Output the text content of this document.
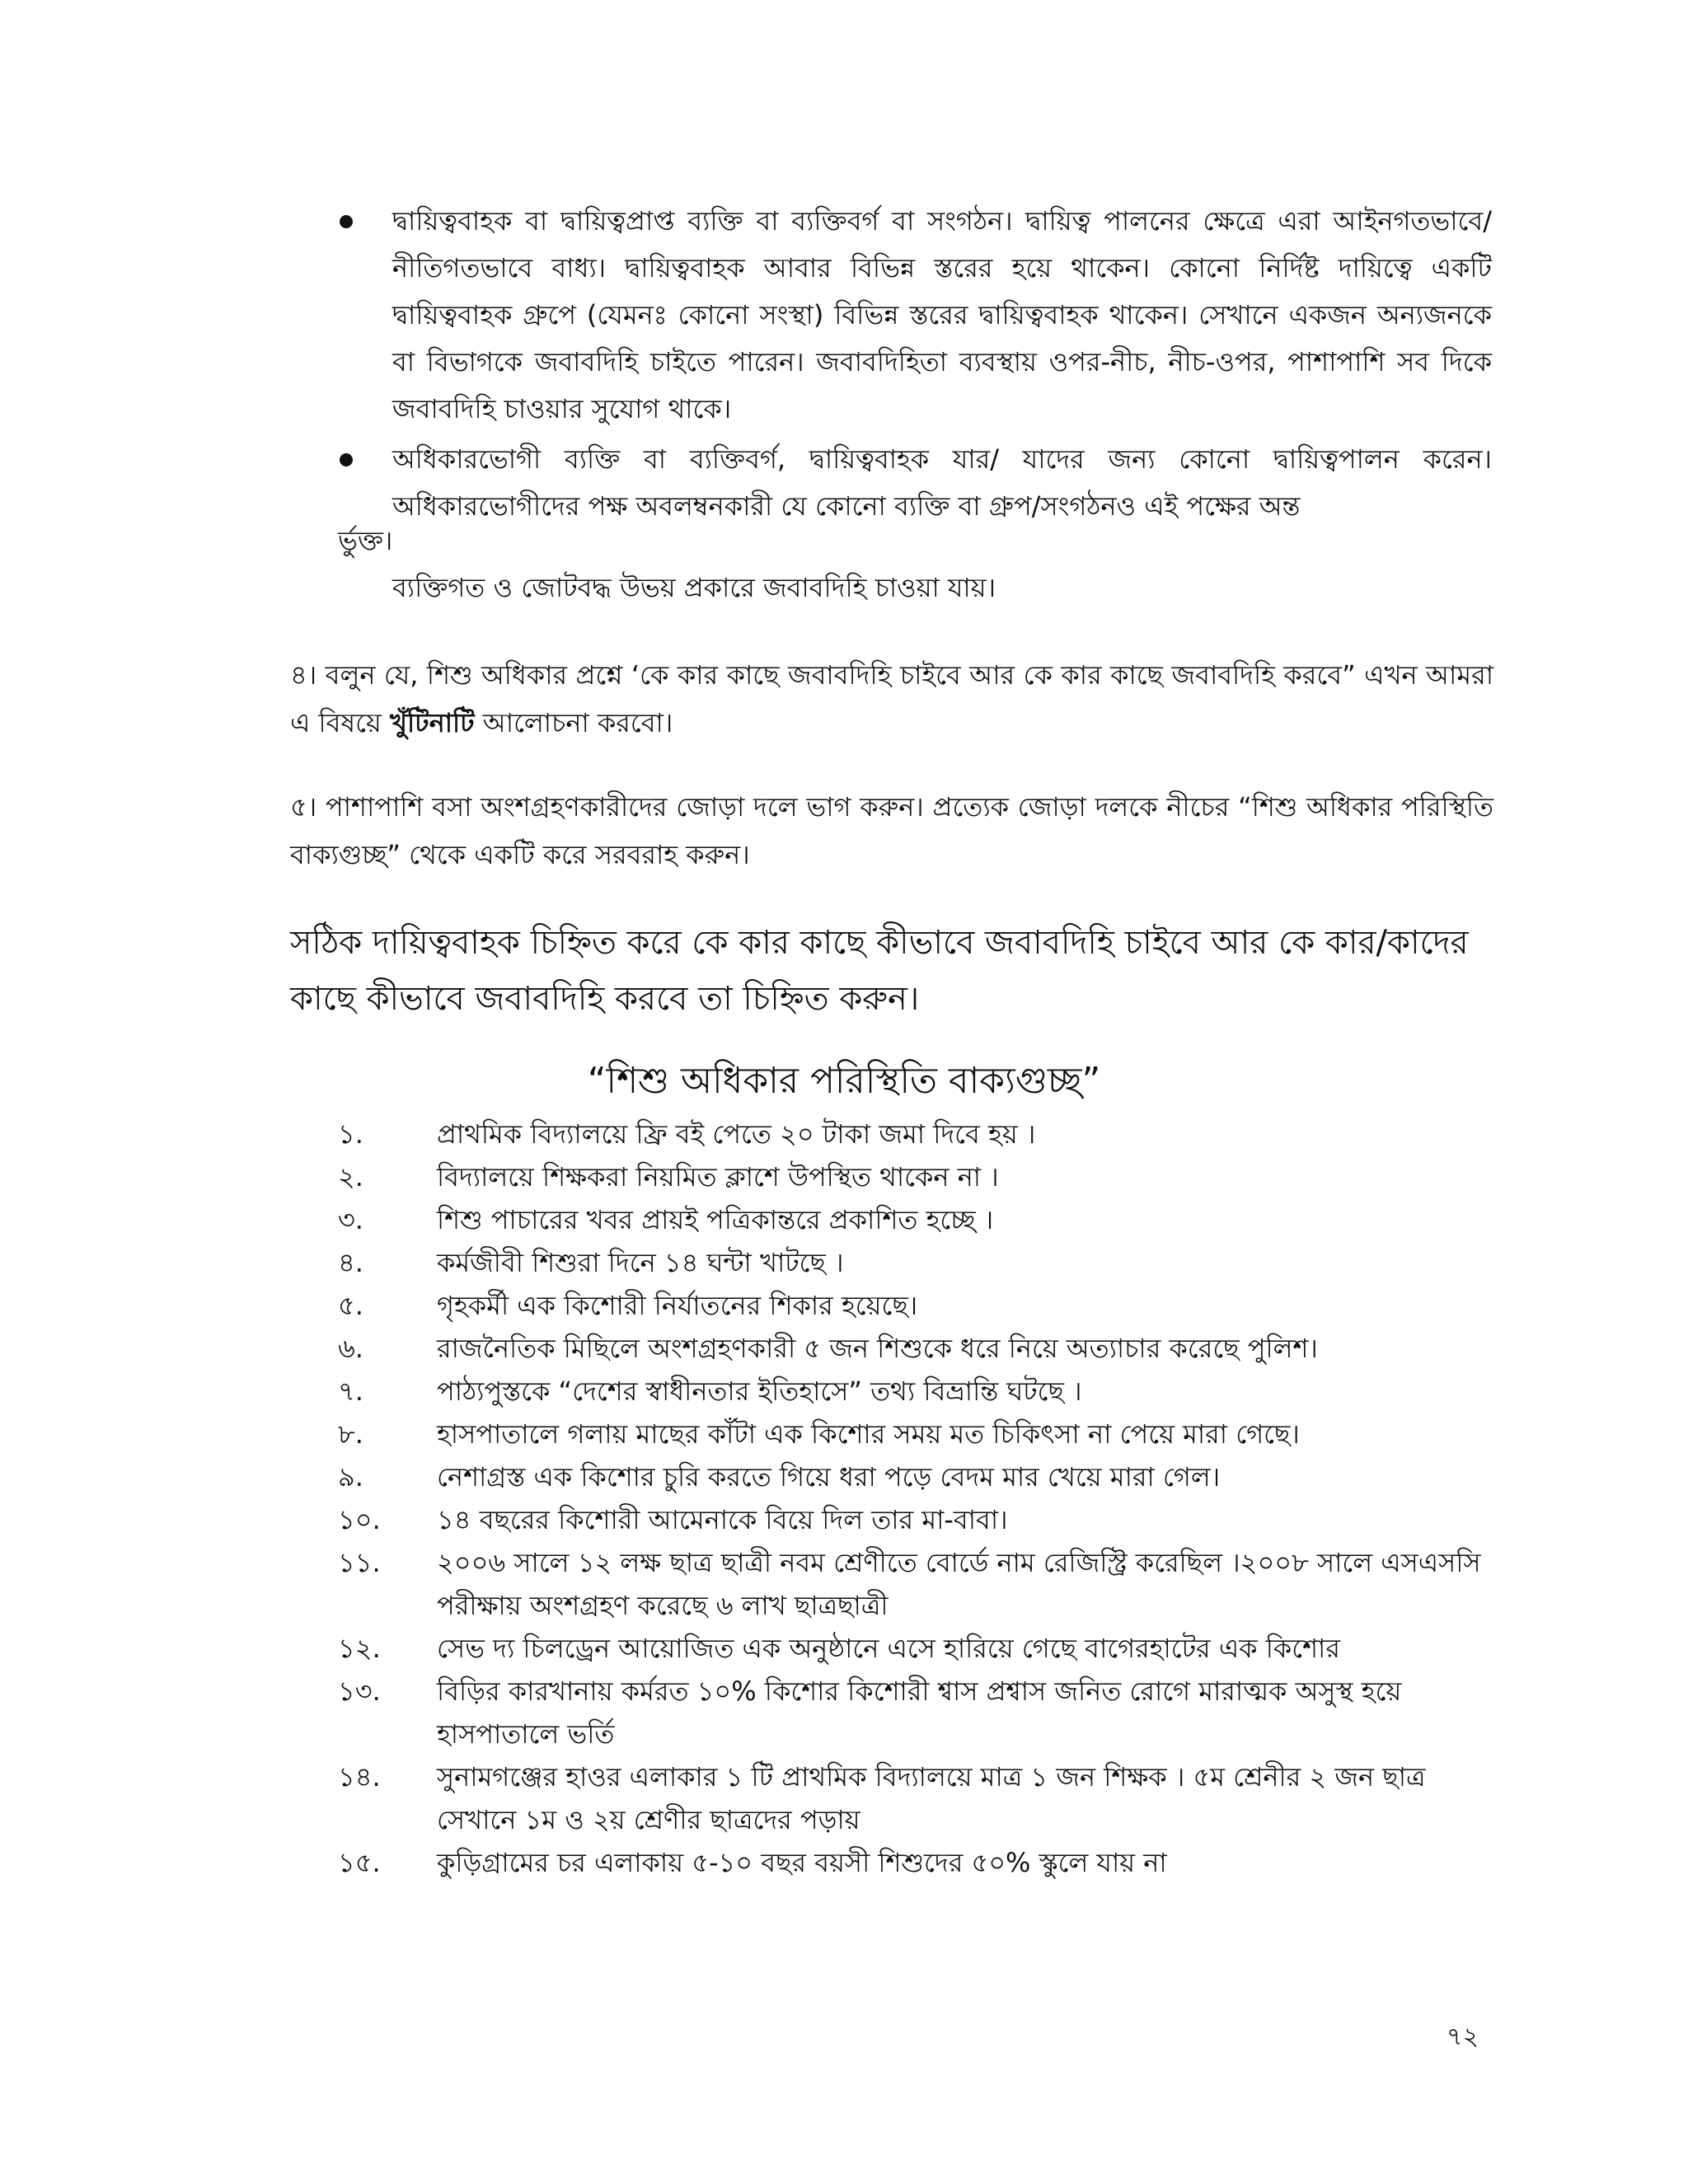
দ্বায়িত্ববাহক বা দ্বায়িত্বপ্রাপ্ত ব্যক্তি বা ব্যক্তিবর্গ বা সংগঠন। দ্বায়িত্ব পালনের ক্ষেত্রে এরা আইনগতভাবে/নীতিগতভাবে বাধ্য। দ্বায়িত্ববাহক আবার বিভিন্ন স্তরের হয়ে থাকেন। কোনো নির্দিষ্ট দায়িত্বে একটি দ্বায়িত্ববাহক গ্রুপে (যেমনঃ কোনো সংস্থা) বিভিন্ন স্তরের দ্বায়িত্ববাহক থাকেন। সেখানে একজন অন্যজনকে বা বিভাগকে জবাবদিহি চাইতে পারেন। জবাবদিহিতা ব্যবস্থায় ওপর-নীচ, নীচ-ওপর, পাশাপাশি সব দিকে জবাবদিহি চাওয়ার সুযোগ থাকে।
অধিকারভোগী ব্যক্তি বা ব্যক্তিবর্গ, দ্বায়িত্ববাহক যার/ যাদের জন্য কোনো দ্বায়িত্বপালন করেন। অধিকারভোগীদের পক্ষ অবলম্বনকারী যে কোনো ব্যক্তি বা গ্রুপ/সংগঠনও এই পক্ষের অন্ত
র্ভুক্ত।
ব্যক্তিগত ও জোটবদ্ধ উভয় প্রকারে জবাবদিহি চাওয়া যায়।
৪। বলুন যে, শিশু অধিকার প্রশ্নে ‘কে কার কাছে জবাবদিহি চাইবে আর কে কার কাছে জবাবদিহি করবে” এখন আমরা এ বিষয়ে খুঁটিনাটি আলোচনা করবো।
৫। পাশাপাশি বসা অংশগ্রহণকারীদের জোড়া দলে ভাগ করুন। প্রত্যেক জোড়া দলকে নীচের “শিশু অধিকার পরিস্থিতি বাক্যগুচ্ছ” থেকে একটি করে সরবরাহ করুন।
সঠিক দায়িত্ববাহক চিহ্নিত করে কে কার কাছে কীভাবে জবাবদিহি চাইবে আর কে কার/কাদের কাছে কীভাবে জবাবদিহি করবে তা চিহ্নিত করুন।
“শিশু অধিকার পরিস্থিতি বাক্যগুচ্ছ”
১.	প্রাথমিক বিদ্যালয়ে ফ্রি বই পেতে ২০ টাকা জমা দিবে হয় ।
২.	বিদ্যালয়ে শিক্ষকরা নিয়মিত ক্লাশে উপস্থিত থাকেন না ।
৩.	শিশু পাচারের খবর প্রায়ই পত্রিকান্তরে প্রকাশিত হচ্ছে ।
৪.	কর্মজীবী শিশুরা দিনে ১৪ ঘন্টা খাটছে ।
৫.	গৃহকর্মী এক কিশোরী নির্যাতনের শিকার হয়েছে।
৬.	রাজনৈতিক মিছিলে অংশগ্রহণকারী ৫ জন শিশুকে ধরে নিয়ে অত্যাচার করেছে পুলিশ।
৭.	পাঠ্যপুস্তকে “দেশের স্বাধীনতার ইতিহাসে” তথ্য বিভ্রান্তি ঘটছে ।
৮.	হাসপাতালে গলায় মাছের কাঁটা এক কিশোর সময় মত চিকিৎসা না পেয়ে মারা গেছে।
৯.	নেশাগ্রস্ত এক কিশোর চুরি করতে গিয়ে ধরা পড়ে বেদম মার খেয়ে মারা গেল।
১০.	১৪ বছরের কিশোরী আমেনাকে বিয়ে দিল তার মা-বাবা।
১১.	২০০৬ সালে ১২ লক্ষ ছাত্র ছাত্রী নবম শ্রেণীতে বোর্ডে নাম রেজিস্ট্রি করেছিল ।২০০৮ সালে এসএসসি পরীক্ষায় অংশগ্রহণ করেছে ৬ লাখ ছাত্রছাত্রী
১২.	সেভ দ্য চিলড্রেন আয়োজিত এক অনুষ্ঠানে এসে হারিয়ে গেছে বাগেরহাটের এক কিশোর
১৩.	বিড়ির কারখানায় কর্মরত ১০% কিশোর কিশোরী শ্বাস প্রশ্বাস জনিত রোগে মারাত্মক অসুস্থ হয়ে হাসপাতালে ভর্তি
১৪.	সুনামগঞ্জের হাওর এলাকার ১ টি প্রাথমিক বিদ্যালয়ে মাত্র ১ জন শিক্ষক । ৫ম শ্রেনীর ২ জন ছাত্র সেখানে ১ম ও ২য় শ্রেণীর ছাত্রদের পড়ায়
১৫.	কুড়িগ্রামের চর এলাকায় ৫-১০ বছর বয়সী শিশুদের ৫০% স্কুলে যায় না
৭২
